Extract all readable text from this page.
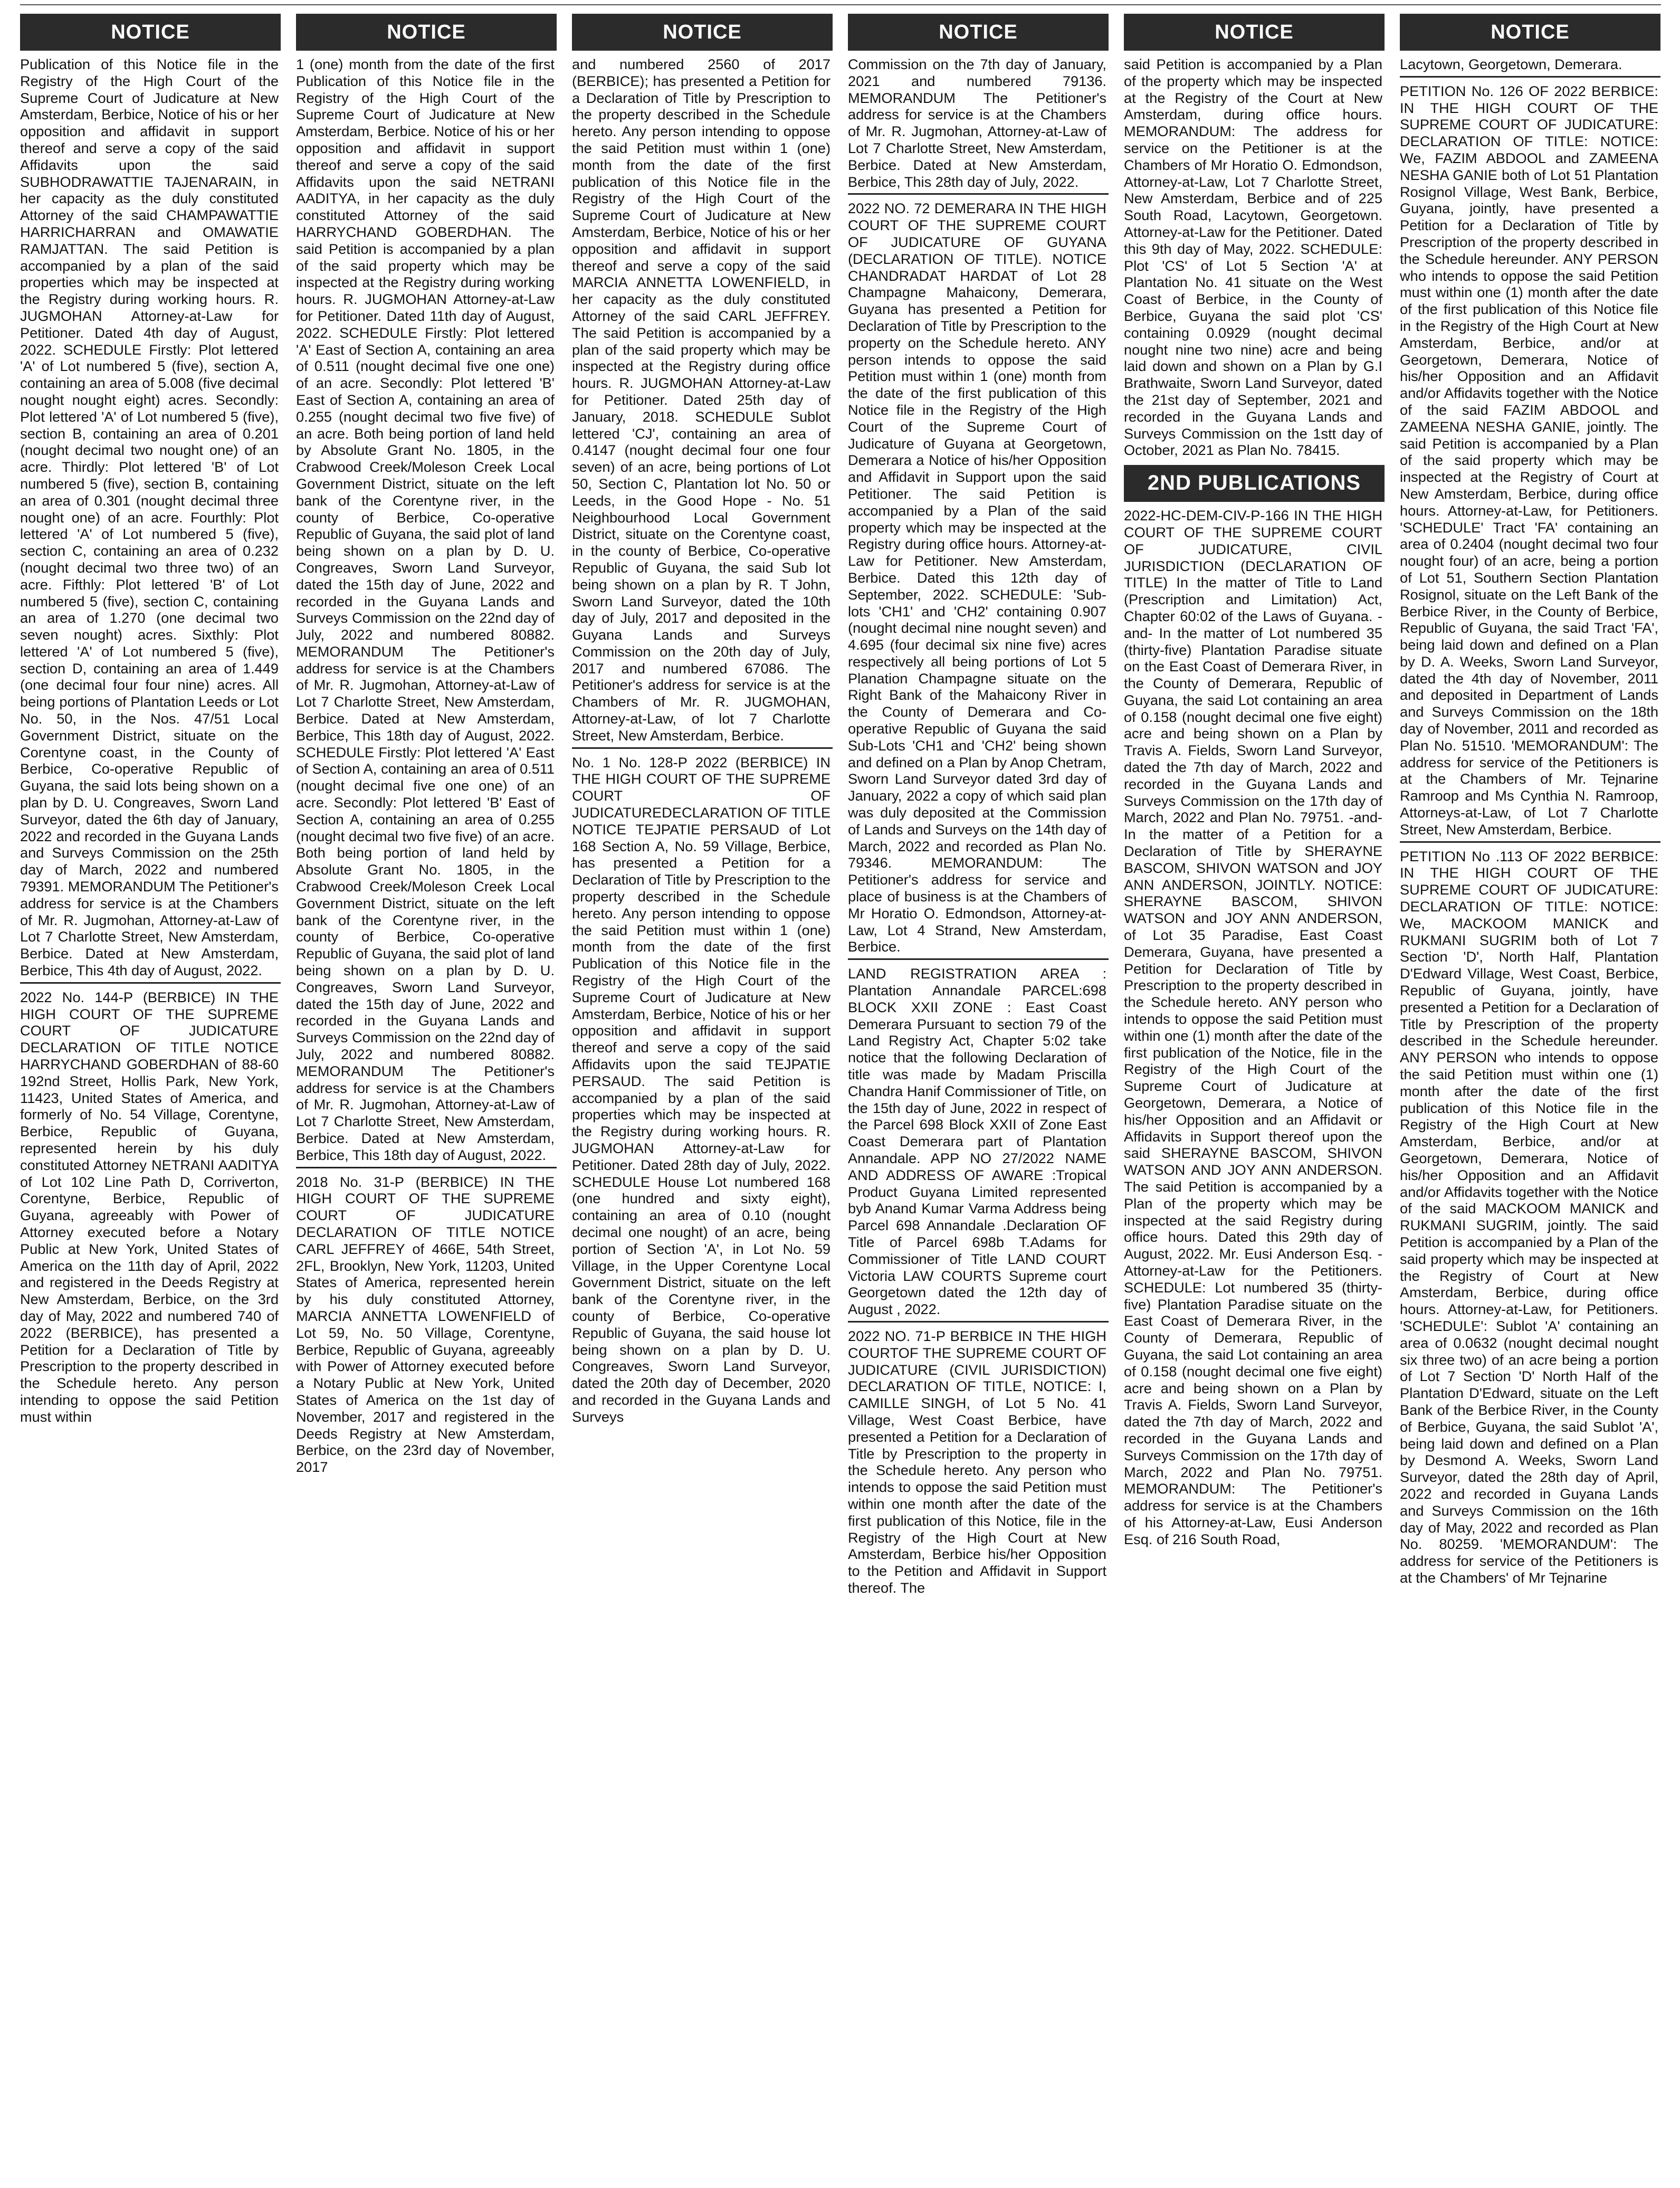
NOTICE

Publication of this Notice file in the Registry of the High Court of the Supreme Court of Judicature at New Amsterdam, Berbice, Notice of his or her opposition and affidavit in support thereof and serve a copy of the said Affidavits upon the said SUBHODRAWATTIE TAJENARAIN, in her capacity as the duly constituted Attorney of the said CHAMPAWATTIE HARRICHARRAN and OMAWATIE RAMJATTAN. The said Petition is accompanied by a plan of the said properties which may be inspected at the Registry during working hours. R. JUGMOHAN Attorney-at-Law for Petitioner. Dated 4th day of August, 2022. SCHEDULE Firstly: Plot lettered 'A' of Lot numbered 5 (five), section A, containing an area of 5.008 (five decimal nought nought eight) acres. Secondly: Plot lettered 'A' of Lot numbered 5 (five), section B, containing an area of 0.201 (nought decimal two nought one) of an acre. Thirdly: Plot lettered 'B' of Lot numbered 5 (five), section B, containing an area of 0.301 (nought decimal three nought one) of an acre. Fourthly: Plot lettered 'A' of Lot numbered 5 (five), section C, containing an area of 0.232 (nought decimal two three two) of an acre. Fifthly: Plot lettered 'B' of Lot numbered 5 (five), section C, containing an area of 1.270 (one decimal two seven nought) acres. Sixthly: Plot lettered 'A' of Lot numbered 5 (five), section D, containing an area of 1.449 (one decimal four four nine) acres. All being portions of Plantation Leeds or Lot No. 50, in the Nos. 47/51 Local Government District, situate on the Corentyne coast, in the County of Berbice, Co-operative Republic of Guyana, the said lots being shown on a plan by D. U. Congreaves, Sworn Land Surveyor, dated the 6th day of January, 2022 and recorded in the Guyana Lands and Surveys Commission on the 25th day of March, 2022 and numbered 79391. MEMORANDUM The Petitioner's address for service is at the Chambers of Mr. R. Jugmohan, Attorney-at-Law of Lot 7 Charlotte Street, New Amsterdam, Berbice. Dated at New Amsterdam, Berbice, This 4th day of August, 2022.

2022 No. 144-P (BERBICE) IN THE HIGH COURT OF THE SUPREME COURT OF JUDICATURE DECLARATION OF TITLE NOTICE HARRYCHAND GOBERDHAN of 88-60 192nd Street, Hollis Park, New York, 11423, United States of America, and formerly of No. 54 Village, Corentyne, Berbice, Republic of Guyana, represented herein by his duly constituted Attorney NETRANI AADITYA of Lot 102 Line Path D, Corriverton, Corentyne, Berbice, Republic of Guyana, agreeably with Power of Attorney executed before a Notary Public at New York, United States of America on the 11th day of April, 2022 and registered in the Deeds Registry at New Amsterdam, Berbice, on the 3rd day of May, 2022 and numbered 740 of 2022 (BERBICE), has presented a Petition for a Declaration of Title by Prescription to the property described in the Schedule hereto. Any person intending to oppose the said Petition must within

NOTICE

1 (one) month from the date of the first Publication of this Notice file in the Registry of the High Court of the Supreme Court of Judicature at New Amsterdam, Berbice. Notice of his or her opposition and affidavit in support thereof and serve a copy of the said Affidavits upon the said NETRANI AADITYA, in her capacity as the duly constituted Attorney of the said HARRYCHAND GOBERDHAN. The said Petition is accompanied by a plan of the said property which may be inspected at the Registry during working hours. R. JUGMOHAN Attorney-at-Law for Petitioner. Dated 11th day of August, 2022. SCHEDULE Firstly: Plot lettered 'A' East of Section A, containing an area of 0.511 (nought decimal five one one) of an acre. Secondly: Plot lettered 'B' East of Section A, containing an area of 0.255 (nought decimal two five five) of an acre. Both being portion of land held by Absolute Grant No. 1805, in the Crabwood Creek/Moleson Creek Local Government District, situate on the left bank of the Corentyne river, in the county of Berbice, Co-operative Republic of Guyana, the said plot of land being shown on a plan by D. U. Congreaves, Sworn Land Surveyor, dated the 15th day of June, 2022 and recorded in the Guyana Lands and Surveys Commission on the 22nd day of July, 2022 and numbered 80882. MEMORANDUM The Petitioner's address for service is at the Chambers of Mr. R. Jugmohan, Attorney-at-Law of Lot 7 Charlotte Street, New Amsterdam, Berbice. Dated at New Amsterdam, Berbice, This 18th day of August, 2022. SCHEDULE Firstly: Plot lettered 'A' East of Section A, containing an area of 0.511 (nought decimal five one one) of an acre. Secondly: Plot lettered 'B' East of Section A, containing an area of 0.255 (nought decimal two five five) of an acre. Both being portion of land held by Absolute Grant No. 1805, in the Crabwood Creek/Moleson Creek Local Government District, situate on the left bank of the Corentyne river, in the county of Berbice, Co-operative Republic of Guyana, the said plot of land being shown on a plan by D. U. Congreaves, Sworn Land Surveyor, dated the 15th day of June, 2022 and recorded in the Guyana Lands and Surveys Commission on the 22nd day of July, 2022 and numbered 80882. MEMORANDUM The Petitioner's address for service is at the Chambers of Mr. R. Jugmohan, Attorney-at-Law of Lot 7 Charlotte Street, New Amsterdam, Berbice. Dated at New Amsterdam, Berbice, This 18th day of August, 2022.

2018 No. 31-P (BERBICE) IN THE HIGH COURT OF THE SUPREME COURT OF JUDICATURE DECLARATION OF TITLE NOTICE CARL JEFFREY of 466E, 54th Street, 2FL, Brooklyn, New York, 11203, United States of America, represented herein by his duly constituted Attorney, MARCIA ANNETTA LOWENFIELD of Lot 59, No. 50 Village, Corentyne, Berbice, Republic of Guyana, agreeably with Power of Attorney executed before a Notary Public at New York, United States of America on the 1st day of November, 2017 and registered in the Deeds Registry at New Amsterdam, Berbice, on the 23rd day of November, 2017

NOTICE

and numbered 2560 of 2017 (BERBICE); has presented a Petition for a Declaration of Title by Prescription to the property described in the Schedule hereto. Any person intending to oppose the said Petition must within 1 (one) month from the date of the first publication of this Notice file in the Registry of the High Court of the Supreme Court of Judicature at New Amsterdam, Berbice, Notice of his or her opposition and affidavit in support thereof and serve a copy of the said MARCIA ANNETTA LOWENFIELD, in her capacity as the duly constituted Attorney of the said CARL JEFFREY. The said Petition is accompanied by a plan of the said property which may be inspected at the Registry during office hours. R. JUGMOHAN Attorney-at-Law for Petitioner. Dated 25th day of January, 2018. SCHEDULE Sublot lettered 'CJ', containing an area of 0.4147 (nought decimal four one four seven) of an acre, being portions of Lot 50, Section C, Plantation lot No. 50 or Leeds, in the Good Hope - No. 51 Neighbourhood Local Government District, situate on the Corentyne coast, in the county of Berbice, Co-operative Republic of Guyana, the said Sub lot being shown on a plan by R. T John, Sworn Land Surveyor, dated the 10th day of July, 2017 and deposited in the Guyana Lands and Surveys Commission on the 20th day of July, 2017 and numbered 67086. The Petitioner's address for service is at the Chambers of Mr. R. JUGMOHAN, Attorney-at-Law, of lot 7 Charlotte Street, New Amsterdam, Berbice.

No. 1 No. 128-P 2022 (BERBICE) IN THE HIGH COURT OF THE SUPREME COURT OF JUDICATUREDECLARATION OF TITLE NOTICE TEJPATIE PERSAUD of Lot 168 Section A, No. 59 Village, Berbice, has presented a Petition for a Declaration of Title by Prescription to the property described in the Schedule hereto. Any person intending to oppose the said Petition must within 1 (one) month from the date of the first Publication of this Notice file in the Registry of the High Court of the Supreme Court of Judicature at New Amsterdam, Berbice, Notice of his or her opposition and affidavit in support thereof and serve a copy of the said Affidavits upon the said TEJPATIE PERSAUD. The said Petition is accompanied by a plan of the said properties which may be inspected at the Registry during working hours. R. JUGMOHAN Attorney-at-Law for Petitioner. Dated 28th day of July, 2022. SCHEDULE House Lot numbered 168 (one hundred and sixty eight), containing an area of 0.10 (nought decimal one nought) of an acre, being portion of Section 'A', in Lot No. 59 Village, in the Upper Corentyne Local Government District, situate on the left bank of the Corentyne river, in the county of Berbice, Co-operative Republic of Guyana, the said house lot being shown on a plan by D. U. Congreaves, Sworn Land Surveyor, dated the 20th day of December, 2020 and recorded in the Guyana Lands and Surveys

NOTICE

Commission on the 7th day of January, 2021 and numbered 79136. MEMORANDUM The Petitioner's address for service is at the Chambers of Mr. R. Jugmohan, Attorney-at-Law of Lot 7 Charlotte Street, New Amsterdam, Berbice. Dated at New Amsterdam, Berbice, This 28th day of July, 2022.

2022 NO. 72 DEMERARA IN THE HIGH COURT OF THE SUPREME COURT OF JUDICATURE OF GUYANA (DECLARATION OF TITLE). NOTICE CHANDRADAT HARDAT of Lot 28 Champagne Mahaicony, Demerara, Guyana has presented a Petition for Declaration of Title by Prescription to the property on the Schedule hereto. ANY person intends to oppose the said Petition must within 1 (one) month from the date of the first publication of this Notice file in the Registry of the High Court of the Supreme Court of Judicature of Guyana at Georgetown, Demerara a Notice of his/her Opposition and Affidavit in Support upon the said Petitioner. The said Petition is accompanied by a Plan of the said property which may be inspected at the Registry during office hours. Attorney-at-Law for Petitioner. New Amsterdam, Berbice. Dated this 12th day of September, 2022. SCHEDULE: 'Sub-lots 'CH1' and 'CH2' containing 0.907 (nought decimal nine nought seven) and 4.695 (four decimal six nine five) acres respectively all being portions of Lot 5 Planation Champagne situate on the Right Bank of the Mahaicony River in the County of Demerara and Co-operative Republic of Guyana the said Sub-Lots 'CH1 and 'CH2' being shown and defined on a Plan by Anop Chetram, Sworn Land Surveyor dated 3rd day of January, 2022 a copy of which said plan was duly deposited at the Commission of Lands and Surveys on the 14th day of March, 2022 and recorded as Plan No. 79346. MEMORANDUM: The Petitioner's address for service and place of business is at the Chambers of Mr Horatio O. Edmondson, Attorney-at-Law, Lot 4 Strand, New Amsterdam, Berbice.

LAND REGISTRATION AREA : Plantation Annandale PARCEL:698 BLOCK XXII ZONE : East Coast Demerara Pursuant to section 79 of the Land Registry Act, Chapter 5:02 take notice that the following Declaration of title was made by Madam Priscilla Chandra Hanif Commissioner of Title, on the 15th day of June, 2022 in respect of the Parcel 698 Block XXII of Zone East Coast Demerara part of Plantation Annandale. APP NO 27/2022 NAME AND ADDRESS OF AWARE :Tropical Product Guyana Limited represented byb Anand Kumar Varma Address being Parcel 698 Annandale .Declaration OF Title of Parcel 698b T.Adams for Commissioner of Title LAND COURT Victoria LAW COURTS Supreme court Georgetown dated the 12th day of August , 2022.

2022 NO. 71-P BERBICE IN THE HIGH COURTOF THE SUPREME COURT OF JUDICATURE (CIVIL JURISDICTION) DECLARATION OF TITLE, NOTICE: I, CAMILLE SINGH, of Lot 5 No. 41 Village, West Coast Berbice, have presented a Petition for a Declaration of Title by Prescription to the property in the Schedule hereto. Any person who intends to oppose the said Petition must within one month after the date of the first publication of this Notice, file in the Registry of the High Court at New Amsterdam, Berbice his/her Opposition to the Petition and Affidavit in Support thereof. The

NOTICE

said Petition is accompanied by a Plan of the property which may be inspected at the Registry of the Court at New Amsterdam, during office hours. MEMORANDUM: The address for service on the Petitioner is at the Chambers of Mr Horatio O. Edmondson, Attorney-at-Law, Lot 7 Charlotte Street, New Amsterdam, Berbice and of 225 South Road, Lacytown, Georgetown. Attorney-at-Law for the Petitioner. Dated this 9th day of May, 2022. SCHEDULE: Plot 'CS' of Lot 5 Section 'A' at Plantation No. 41 situate on the West Coast of Berbice, in the County of Berbice, Guyana the said plot 'CS' containing 0.0929 (nought decimal nought nine two nine) acre and being laid down and shown on a Plan by G.I Brathwaite, Sworn Land Surveyor, dated the 21st day of September, 2021 and recorded in the Guyana Lands and Surveys Commission on the 1stt day of October, 2021 as Plan No. 78415.

2ND PUBLICATIONS

2022-HC-DEM-CIV-P-166 IN THE HIGH COURT OF THE SUPREME COURT OF JUDICATURE, CIVIL JURISDICTION (DECLARATION OF TITLE) In the matter of Title to Land (Prescription and Limitation) Act, Chapter 60:02 of the Laws of Guyana. -and- In the matter of Lot numbered 35 (thirty-five) Plantation Paradise situate on the East Coast of Demerara River, in the County of Demerara, Republic of Guyana, the said Lot containing an area of 0.158 (nought decimal one five eight) acre and being shown on a Plan by Travis A. Fields, Sworn Land Surveyor, dated the 7th day of March, 2022 and recorded in the Guyana Lands and Surveys Commission on the 17th day of March, 2022 and Plan No. 79751. -and- In the matter of a Petition for a Declaration of Title by SHERAYNE BASCOM, SHIVON WATSON and JOY ANN ANDERSON, JOINTLY. NOTICE: SHERAYNE BASCOM, SHIVON WATSON and JOY ANN ANDERSON, of Lot 35 Paradise, East Coast Demerara, Guyana, have presented a Petition for Declaration of Title by Prescription to the property described in the Schedule hereto. ANY person who intends to oppose the said Petition must within one (1) month after the date of the first publication of the Notice, file in the Registry of the High Court of the Supreme Court of Judicature at Georgetown, Demerara, a Notice of his/her Opposition and an Affidavit or Affidavits in Support thereof upon the said SHERAYNE BASCOM, SHIVON WATSON AND JOY ANN ANDERSON. The said Petition is accompanied by a Plan of the property which may be inspected at the said Registry during office hours. Dated this 29th day of August, 2022. Mr. Eusi Anderson Esq. - Attorney-at-Law for the Petitioners. SCHEDULE: Lot numbered 35 (thirty-five) Plantation Paradise situate on the East Coast of Demerara River, in the County of Demerara, Republic of Guyana, the said Lot containing an area of 0.158 (nought decimal one five eight) acre and being shown on a Plan by Travis A. Fields, Sworn Land Surveyor, dated the 7th day of March, 2022 and recorded in the Guyana Lands and Surveys Commission on the 17th day of March, 2022 and Plan No. 79751. MEMORANDUM: The Petitioner's address for service is at the Chambers of his Attorney-at-Law, Eusi Anderson Esq. of 216 South Road,

NOTICE

Lacytown, Georgetown, Demerara.

PETITION No. 126 OF 2022 BERBICE: IN THE HIGH COURT OF THE SUPREME COURT OF JUDICATURE: DECLARATION OF TITLE: NOTICE: We, FAZIM ABDOOL and ZAMEENA NESHA GANIE both of Lot 51 Plantation Rosignol Village, West Bank, Berbice, Guyana, jointly, have presented a Petition for a Declaration of Title by Prescription of the property described in the Schedule hereunder. ANY PERSON who intends to oppose the said Petition must within one (1) month after the date of the first publication of this Notice file in the Registry of the High Court at New Amsterdam, Berbice, and/or at Georgetown, Demerara, Notice of his/her Opposition and an Affidavit and/or Affidavits together with the Notice of the said FAZIM ABDOOL and ZAMEENA NESHA GANIE, jointly. The said Petition is accompanied by a Plan of the said property which may be inspected at the Registry of Court at New Amsterdam, Berbice, during office hours. Attorney-at-Law, for Petitioners. 'SCHEDULE' Tract 'FA' containing an area of 0.2404 (nought decimal two four nought four) of an acre, being a portion of Lot 51, Southern Section Plantation Rosignol, situate on the Left Bank of the Berbice River, in the County of Berbice, Republic of Guyana, the said Tract 'FA', being laid down and defined on a Plan by D. A. Weeks, Sworn Land Surveyor, dated the 4th day of November, 2011 and deposited in Department of Lands and Surveys Commission on the 18th day of November, 2011 and recorded as Plan No. 51510. 'MEMORANDUM': The address for service of the Petitioners is at the Chambers of Mr. Tejnarine Ramroop and Ms Cynthia N. Ramroop, Attorneys-at-Law, of Lot 7 Charlotte Street, New Amsterdam, Berbice.

PETITION No .113 OF 2022 BERBICE: IN THE HIGH COURT OF THE SUPREME COURT OF JUDICATURE: DECLARATION OF TITLE: NOTICE: We, MACKOOM MANICK and RUKMANI SUGRIM both of Lot 7 Section 'D', North Half, Plantation D'Edward Village, West Coast, Berbice, Republic of Guyana, jointly, have presented a Petition for a Declaration of Title by Prescription of the property described in the Schedule hereunder. ANY PERSON who intends to oppose the said Petition must within one (1) month after the date of the first publication of this Notice file in the Registry of the High Court at New Amsterdam, Berbice, and/or at Georgetown, Demerara, Notice of his/her Opposition and an Affidavit and/or Affidavits together with the Notice of the said MACKOOM MANICK and RUKMANI SUGRIM, jointly. The said Petition is accompanied by a Plan of the said property which may be inspected at the Registry of Court at New Amsterdam, Berbice, during office hours. Attorney-at-Law, for Petitioners. 'SCHEDULE': Sublot 'A' containing an area of 0.0632 (nought decimal nought six three two) of an acre being a portion of Lot 7 Section 'D' North Half of the Plantation D'Edward, situate on the Left Bank of the Berbice River, in the County of Berbice, Guyana, the said Sublot 'A', being laid down and defined on a Plan by Desmond A. Weeks, Sworn Land Surveyor, dated the 28th day of April, 2022 and recorded in Guyana Lands and Surveys Commission on the 16th day of May, 2022 and recorded as Plan No. 80259. 'MEMORANDUM': The address for service of the Petitioners is at the Chambers' of Mr Tejnarine
